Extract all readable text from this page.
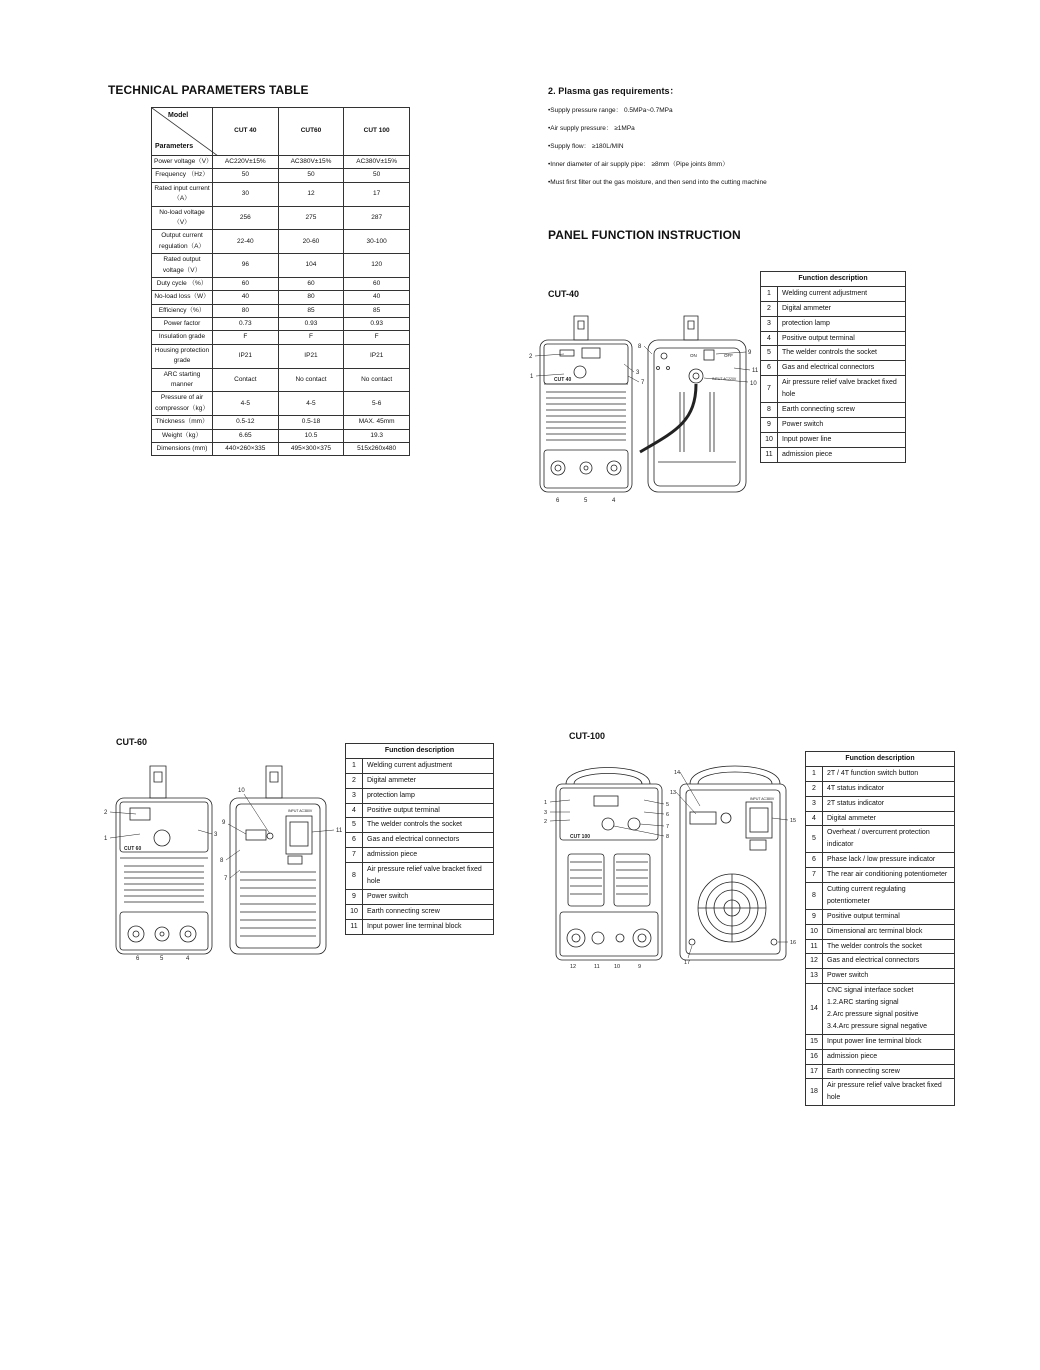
TECHNICAL PARAMETERS TABLE
Model
Parameters	CUT 40	CUT60	CUT 100
Power voltage（V）	AC220V±15%	AC380V±15%	AC380V±15%
Frequency （Hz）	50	50	50
Rated input current（A）	30	12	17
No-load voltage （V）	256	275	287
Output current regulation（A）	22-40	20-60	30-100
Rated output voltage（V）	96	104	120
Duty cycle （%）	60	60	60
No-load loss（W）	40	80	40
Efficiency（%）	80	85	85
Power factor	0.73	0.93	0.93
Insulation grade	F	F	F
Housing protection grade	IP21	IP21	IP21
ARC starting manner	Contact	No contact	No contact
Pressure of air compressor（kg）	4-5	4-5	5-6
Thickness（mm）	0.5-12	0.5-18	MAX. 45mm
Weight（kg）	6.65	10.5	19.3
Dimensions (mm)	440×260×335	495×300×375	515x260x480
2. Plasma gas requirements：
•Supply pressure range： 0.5MPa~0.7MPa
•Air supply pressure： ≥1MPa
•Supply flow： ≥180L/MIN
•Inner diameter of air supply pipe： ≥8mm（Pipe joints 8mm）
•Must first filter out the gas moisture, and then send into the cutting machine
PANEL FUNCTION INSTRUCTION
CUT-40
CUT 40
ON	OFF
INPUT AC220V
1
2
3
4
5
6
7
8
9
10
11
Function description	
1	Welding current adjustment

2	Digital ammeter

3	protection lamp

4	Positive output terminal

5	The welder controls the socket

6	Gas and electrical connectors

7	Air pressure relief valve bracket fixed hole

8	Earth connecting screw

9	Power switch

10	Input power line

11	admission piece
CUT-60
CUT 60
INPUT AC380V
1
2
3
4
5
6
7
8
9
10
11
Function description	
1	Welding current adjustment

2	Digital ammeter

3	protection lamp

4	Positive output terminal

5	The welder controls the socket

6	Gas and electrical connectors

7	admission piece

8	Air pressure relief valve bracket fixed hole

9	Power switch

10	Earth connecting screw

11	Input power line terminal block
CUT-100
CUT 100
INPUT AC380V
1
3
2
5
6
7
8
9
10
11
12
13
14
15
16
17
Function description	
1	2T / 4T function switch button

2	4T status indicator

3	2T status indicator

4	Digital ammeter

5	Overheat / overcurrent protection indicator

6	Phase lack / low pressure indicator

7	The rear air conditioning potentiometer

8	Cutting current regulating potentiometer

9	Positive output terminal

10	Dimensional arc terminal block

11	The welder controls the socket

12	Gas and electrical connectors

13	Power switch

14	CNC signal interface socket
1.2.ARC starting signal
2.Arc pressure signal positive
3.4.Arc pressure signal negative

15	Input power line terminal block

16	admission piece

17	Earth connecting screw

18	Air pressure relief valve bracket fixed hole
